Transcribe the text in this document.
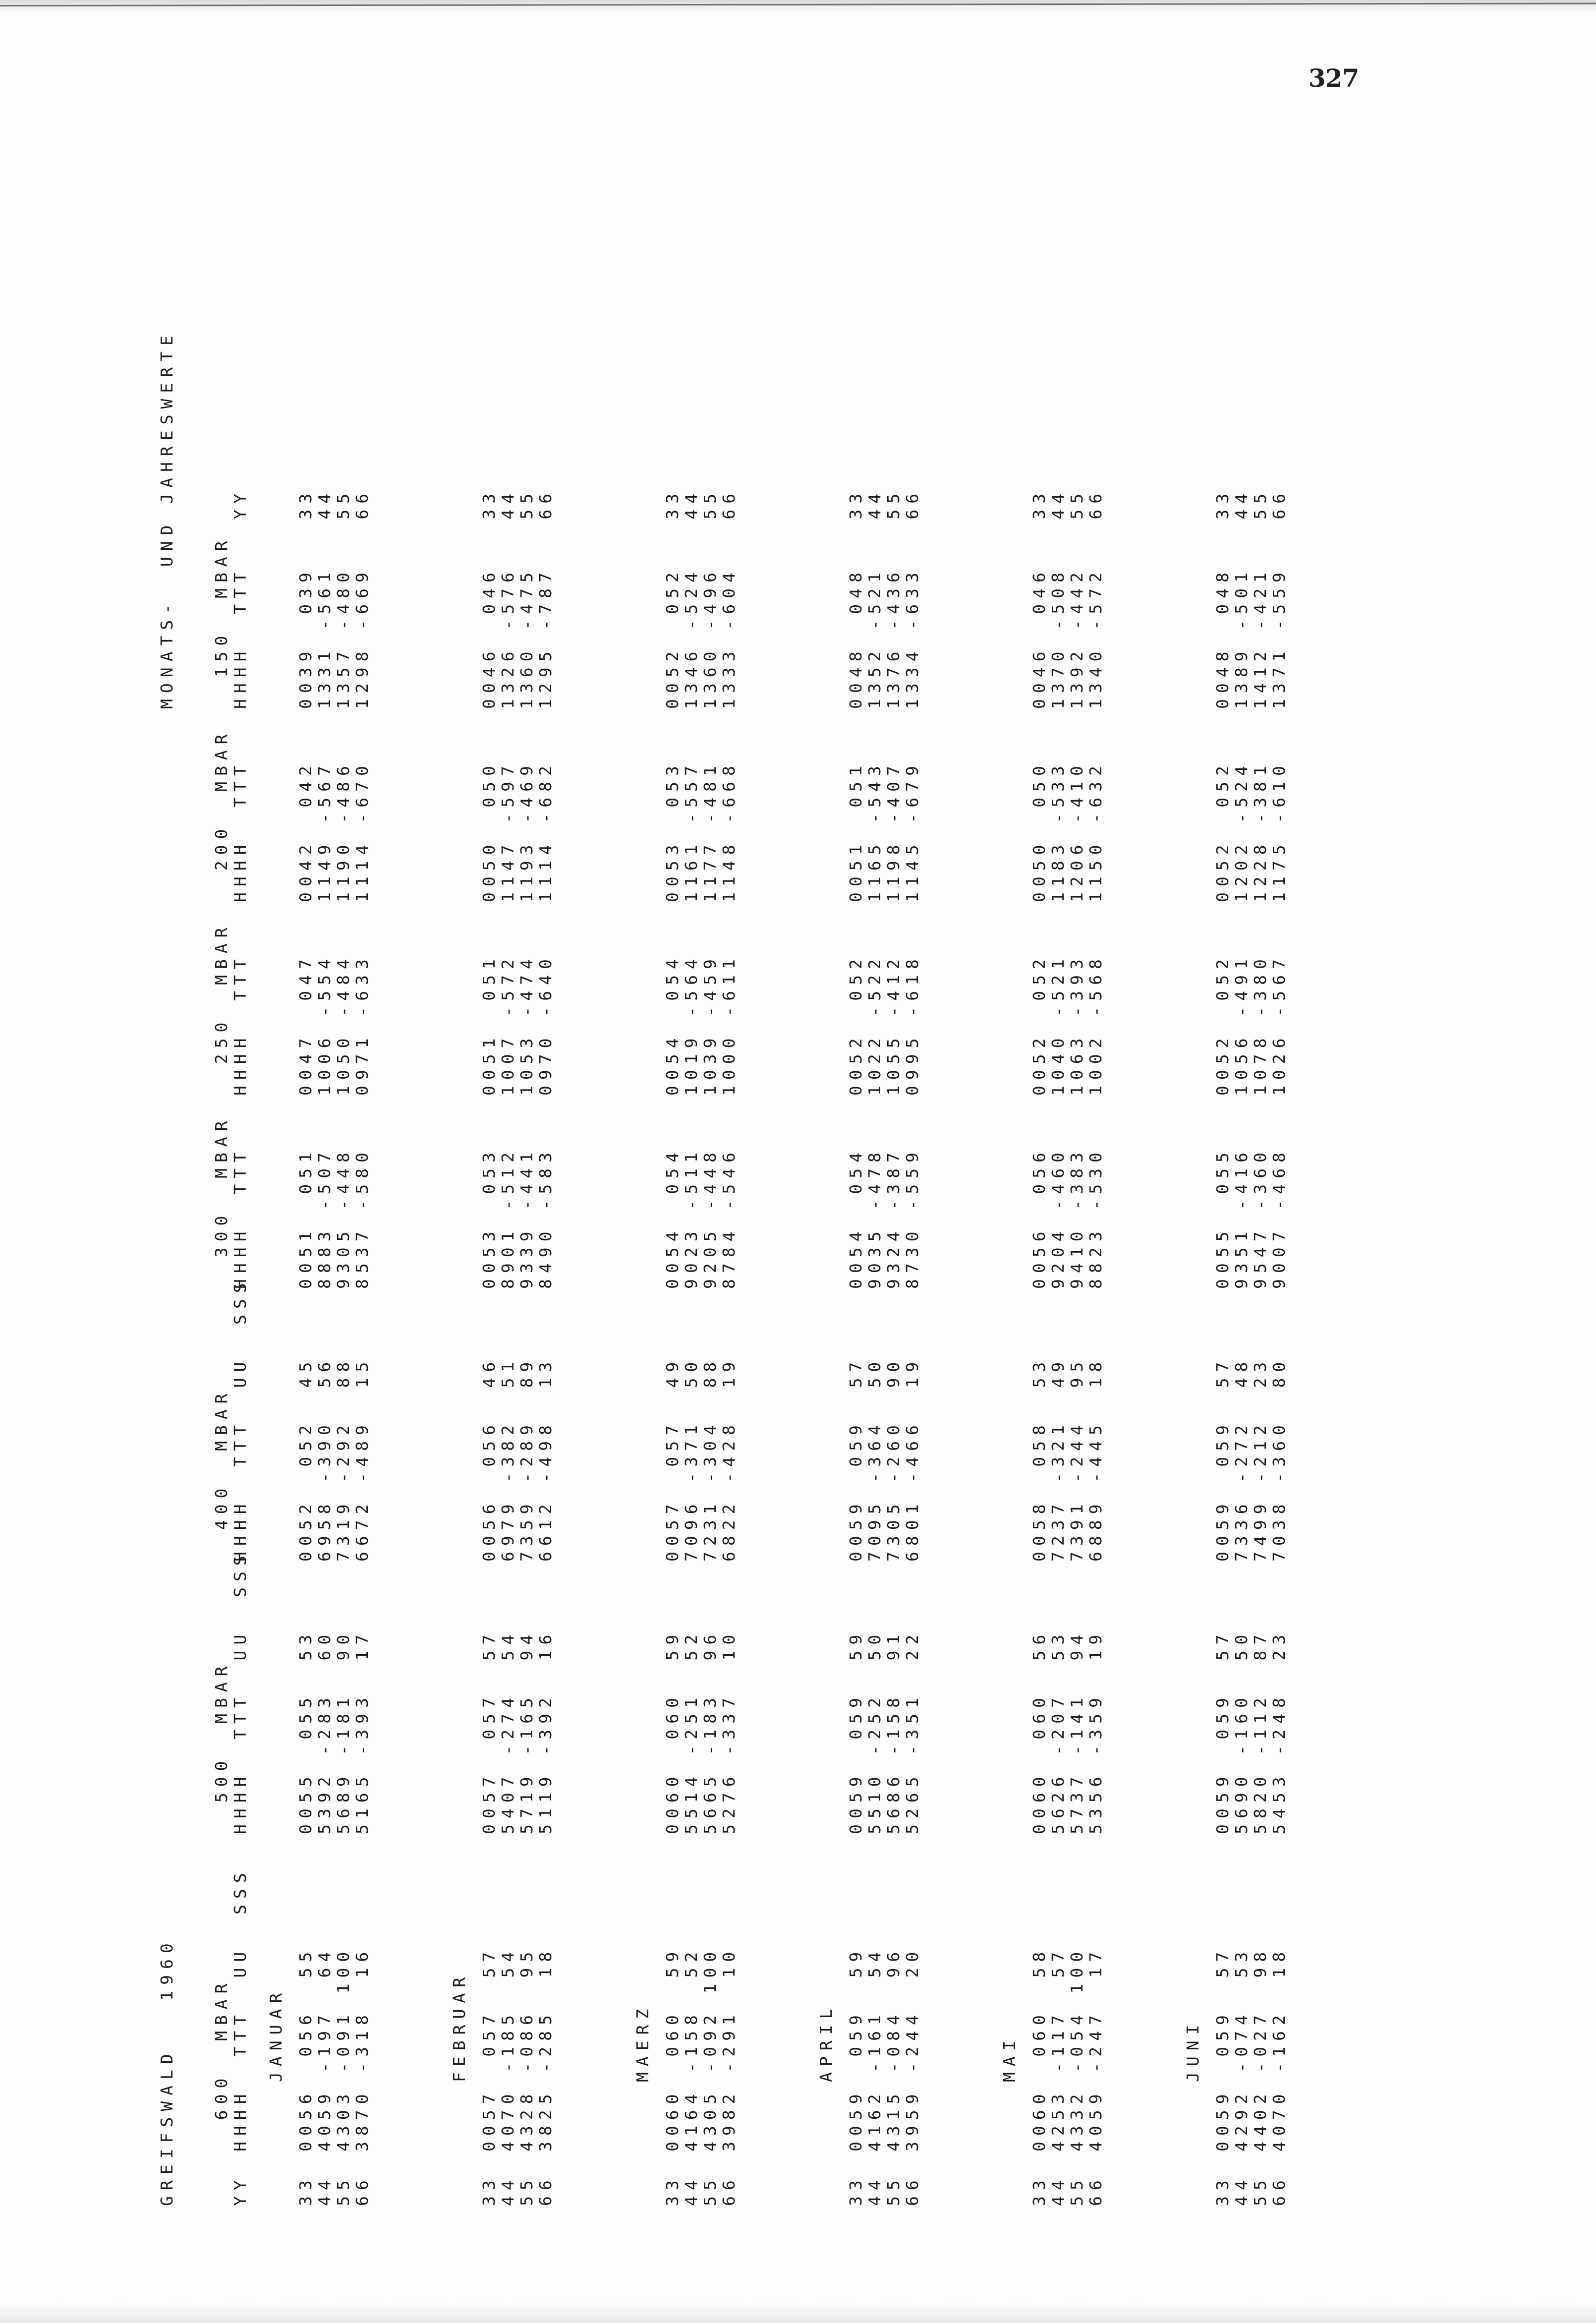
327
GREIFSWALD   1960
MONATS-  UND JAHRESWERTE
YY
600  MBAR HHHH  TTT  UU  SSS
500  MBAR HHHH  TTT  UU  SSS
400  MBAR HHHH  TTT  UU  SSS
300  MBAR HHHH  TTT
250  MBAR HHHH  TTT
200  MBAR HHHH  TTT
150  MBAR HHHH  TTT   YY
JANUAR
33
0056  056  55
0055  055  53
0052  052  45
0051  051
0047  047
0042  042
0039  039   33
44
4059 -197  64
5392 -283  60
6958 -390  56
8883 -507
1006 -554
1149 -567
1331 -561   44
55
4303 -091 100
5689 -181  90
7319 -292  88
9305 -448
1050 -484
1190 -486
1357 -480   55
66
3870 -318  16
5165 -393  17
6672 -489  15
8537 -580
0971 -633
1114 -670
1298 -669   66
FEBRUAR
33
0057  057  57
0057  057  57
0056  056  46
0053  053
0051  051
0050  050
0046  046   33
44
4070 -185  54
5407 -274  54
6979 -382  51
8901 -512
1007 -572
1147 -597
1326 -576   44
55
4328 -086  95
5719 -165  94
7359 -289  89
9339 -441
1053 -474
1193 -469
1360 -475   55
66
3825 -285  18
5119 -392  16
6612 -498  13
8490 -583
0970 -640
1114 -682
1295 -787   66
MAERZ
33
0060  060  59
0060  060  59
0057  057  49
0054  054
0054  054
0053  053
0052  052   33
44
4164 -158  52
5514 -251  52
7096 -371  50
9023 -511
1019 -564
1161 -557
1346 -524   44
55
4305 -092 100
5665 -183  96
7231 -304  88
9205 -448
1039 -459
1177 -481
1360 -496   55
66
3982 -291  10
5276 -337  10
6822 -428  19
8784 -546
1000 -611
1148 -668
1333 -604   66
APRIL
33
0059  059  59
0059  059  59
0059  059  57
0054  054
0052  052
0051  051
0048  048   33
44
4162 -161  54
5510 -252  50
7095 -364  50
9035 -478
1022 -522
1165 -543
1352 -521   44
55
4315 -084  96
5686 -158  91
7305 -260  90
9324 -387
1055 -412
1198 -407
1376 -436   55
66
3959 -244  20
5265 -351  22
6801 -466  19
8730 -559
0995 -618
1145 -679
1334 -633   66
MAI
33
0060  060  58
0060  060  56
0058  058  53
0056  056
0052  052
0050  050
0046  046   33
44
4253 -117  57
5626 -207  53
7237 -321  49
9204 -460
1040 -521
1183 -533
1370 -508   44
55
4332 -054 100
5737 -141  94
7391 -244  95
9410 -383
1063 -393
1206 -410
1392 -442   55
66
4059 -247  17
5356 -359  19
6889 -445  18
8823 -530
1002 -568
1150 -632
1340 -572   66
JUNI
33
0059  059  57
0059  059  57
0059  059  57
0055  055
0052  052
0052  052
0048  048   33
44
4292 -074  53
5690 -160  50
7336 -272  48
9351 -416
1056 -491
1202 -524
1389 -501   44
55
4402 -027  98
5820 -112  87
7499 -212  23
9547 -360
1078 -380
1228 -381
1412 -421   55
66
4070 -162  18
5453 -248  23
7038 -360  80
9007 -468
1026 -567
1175 -610
1371 -559   66
